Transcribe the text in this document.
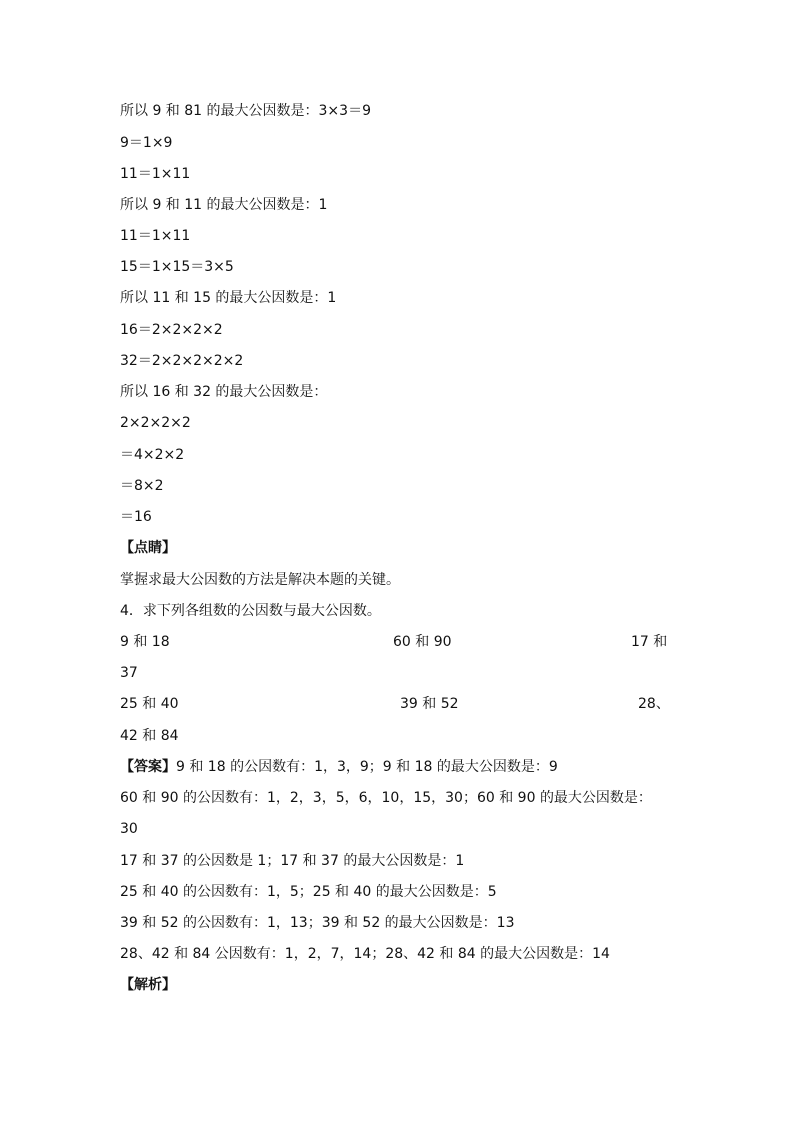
所以 9 和 81 的最大公因数是：3×3＝9
9＝1×9
11＝1×11
所以 9 和 11 的最大公因数是：1
11＝1×11
15＝1×15＝3×5
所以 11 和 15 的最大公因数是：1
16＝2×2×2×2
32＝2×2×2×2×2
所以 16 和 32 的最大公因数是：
2×2×2×2
＝4×2×2
＝8×2
＝16
【点睛】
掌握求最大公因数的方法是解决本题的关键。
4．求下列各组数的公因数与最大公因数。
9 和 18	60 和 90	17 和
37
25 和 40	39 和 52	28、
42 和 84
【答案】9 和 18 的公因数有：1，3，9；9 和 18 的最大公因数是：9
60 和 90 的公因数有：1，2，3，5，6，10，15，30；60 和 90 的最大公因数是：
30
17 和 37 的公因数是 1；17 和 37 的最大公因数是：1
25 和 40 的公因数有：1，5；25 和 40 的最大公因数是：5
39 和 52 的公因数有：1，13；39 和 52 的最大公因数是：13
28、42 和 84 公因数有：1，2，7，14；28、42 和 84 的最大公因数是：14
【解析】
